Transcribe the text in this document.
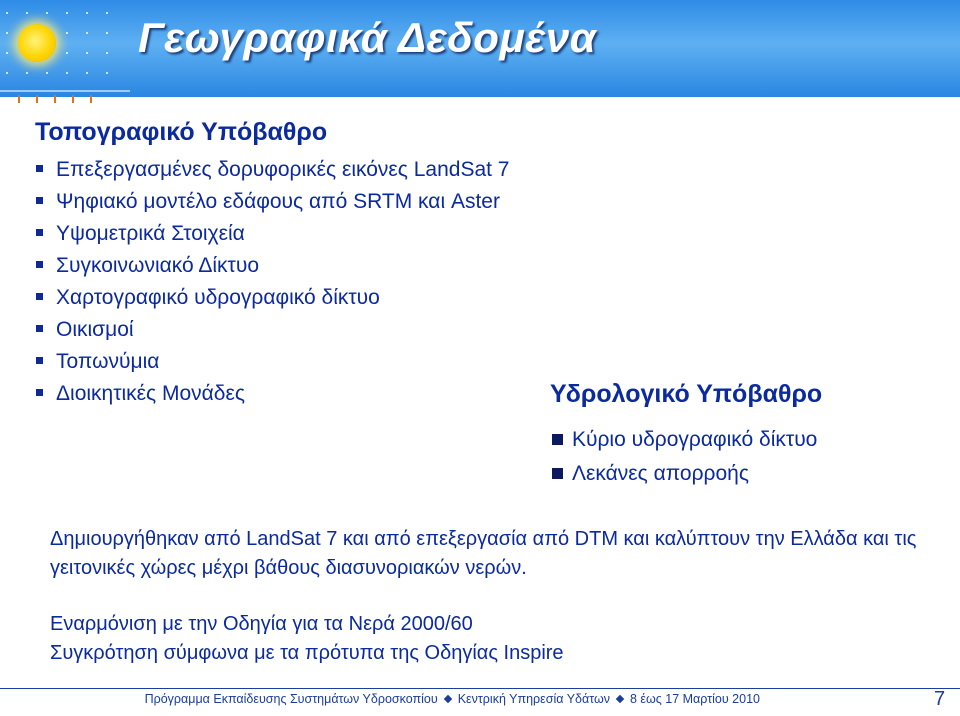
Γεωγραφικά Δεδομένα
Τοπογραφικό Υπόβαθρο
Επεξεργασμένες δορυφορικές εικόνες LandSat 7
Ψηφιακό μοντέλο εδάφους από SRTM και Aster
Υψομετρικά Στοιχεία
Συγκοινωνιακό Δίκτυο
Χαρτογραφικό υδρογραφικό δίκτυο
Οικισμοί
Τοπωνύμια
Διοικητικές Μονάδες	Υδρολογικό Υπόβαθρο
Κύριο υδρογραφικό δίκτυο
Λεκάνες απορροής

Δημιουργήθηκαν από LandSat 7 και από επεξεργασία από DTM και καλύπτουν την Ελλάδα και τις γειτονικές χώρες μέχρι βάθους διασυνοριακών νερών.

Εναρμόνιση με την Οδηγία για τα Νερά 2000/60
Συγκρότηση σύμφωνα με τα πρότυπα της Οδηγίας Inspire
Πρόγραμμα Εκπαίδευσης Συστημάτων Υδροσκοπίου Κεντρική Υπηρεσία Υδάτων 8 έως 17 Μαρτίου 2010	7
